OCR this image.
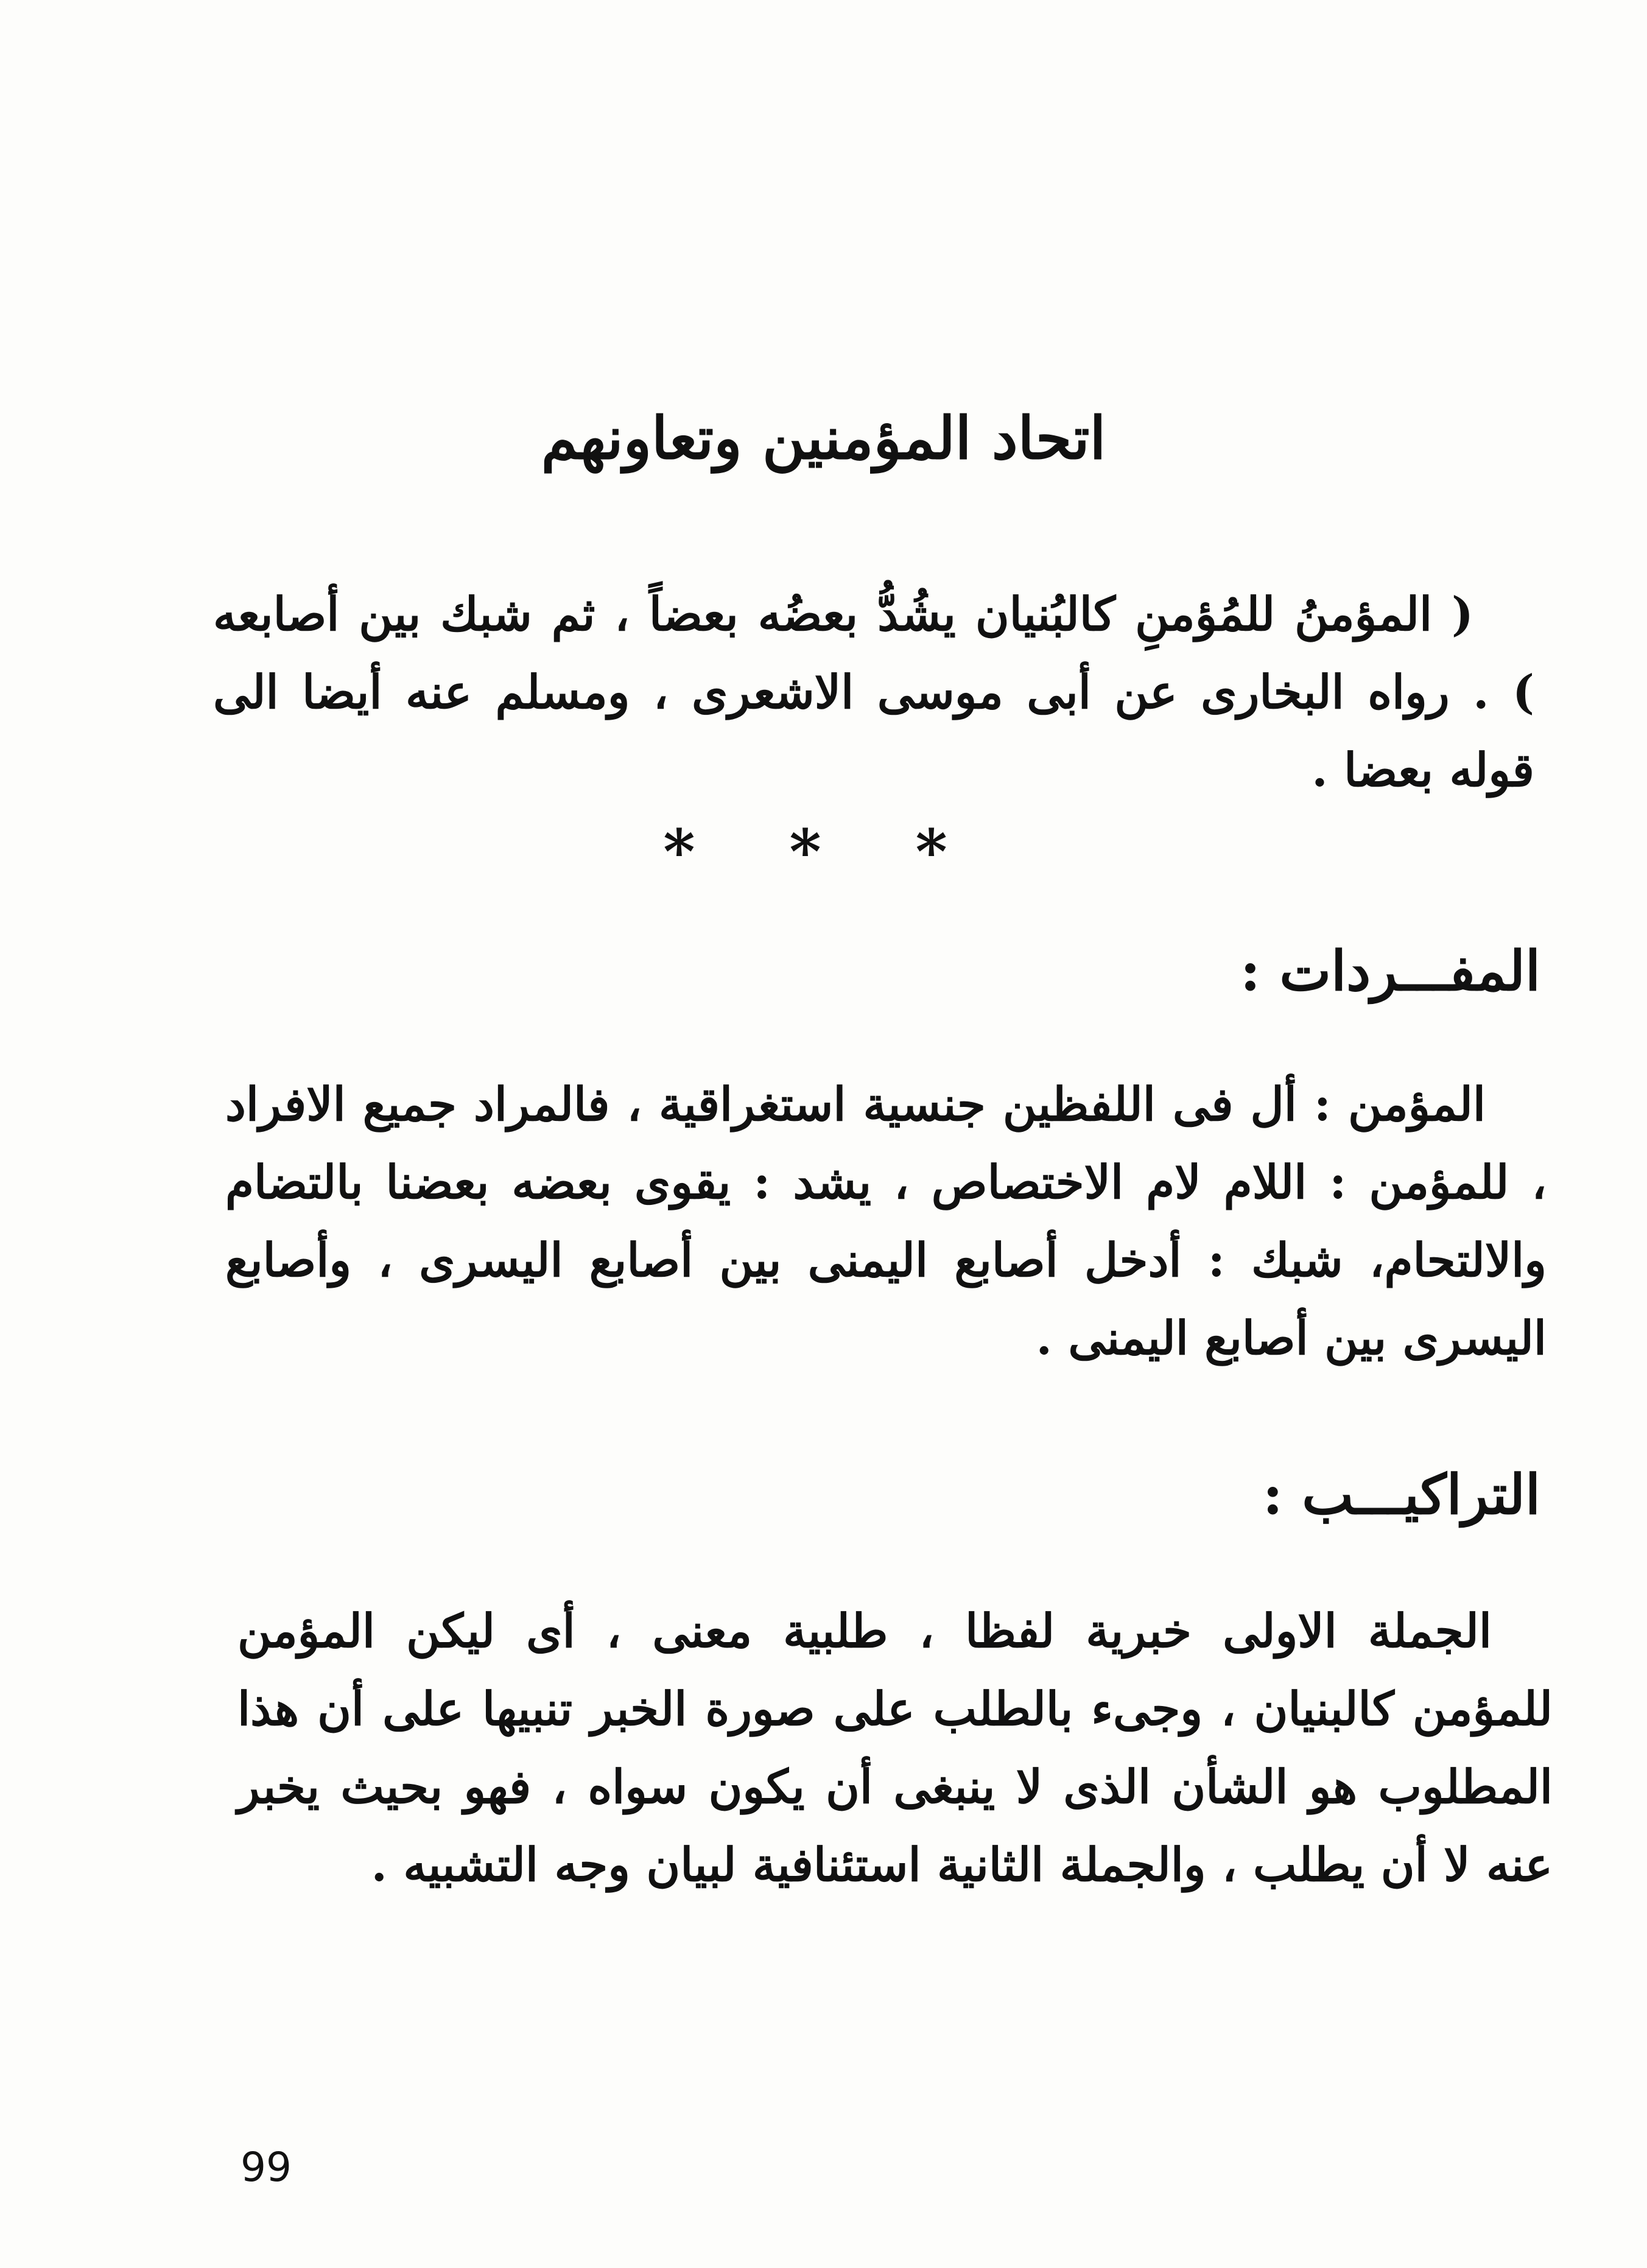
اتحاد المؤمنين وتعاونهم

( المؤمنُ للمُؤمنِ كالبُنيان يشُدُّ بعضُه بعضاً ، ثم شبك بين أصابعه ) . رواه البخارى عن أبى موسى الاشعرى ، ومسلم عنه أيضا الى قوله بعضا .

* * *
المفـــردات :

المؤمن : أل فى اللفظين جنسية استغراقية ، فالمراد جميع الافراد ، للمؤمن : اللام لام الاختصاص ، يشد : يقوى بعضه بعضنا بالتضام والالتحام، شبك : أدخل أصابع اليمنى بين أصابع اليسرى ، وأصابع اليسرى بين أصابع اليمنى .

التراكيـــب :

الجملة الاولى خبرية لفظا ، طلبية معنى ، أى ليكن المؤمن للمؤمن كالبنيان ، وجىء بالطلب على صورة الخبر تنبيها على أن هذا المطلوب هو الشأن الذى لا ينبغى أن يكون سواه ، فهو بحيث يخبر عنه لا أن يطلب ، والجملة الثانية استئنافية لبيان وجه التشبيه .

99
